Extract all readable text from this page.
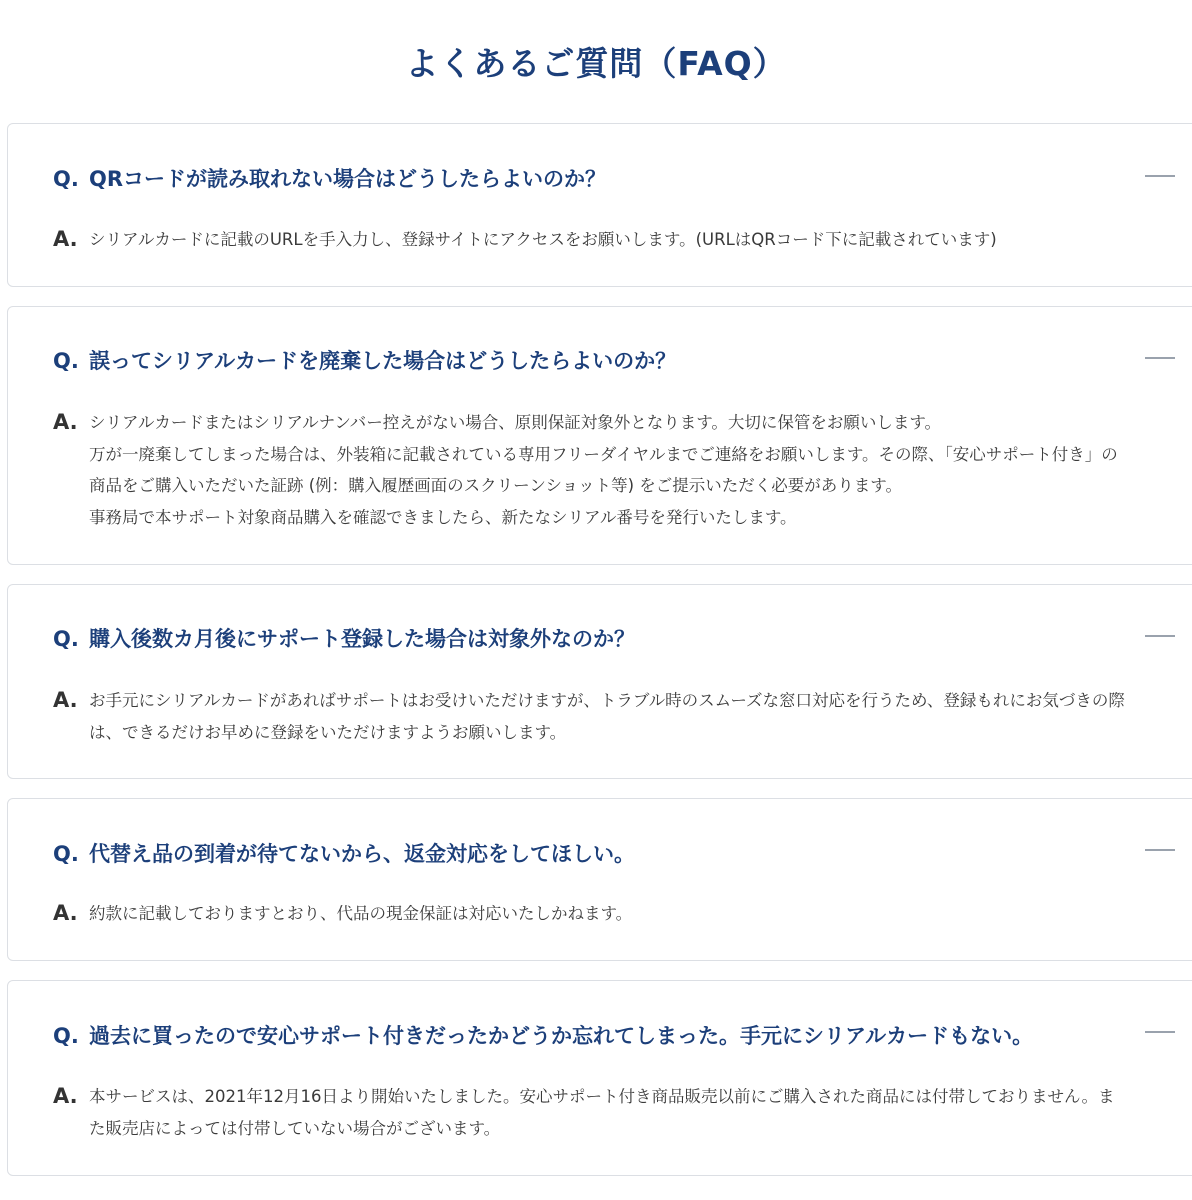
よくあるご質問（FAQ）
Q. QRコードが読み取れない場合はどうしたらよいのか？
A. シリアルカードに記載のURLを手入力し、登録サイトにアクセスをお願いします。(URLはQRコード下に記載されています)
Q. 誤ってシリアルカードを廃棄した場合はどうしたらよいのか？
A. シリアルカードまたはシリアルナンバー控えがない場合、原則保証対象外となります。大切に保管をお願いします。
万が一廃棄してしまった場合は、外装箱に記載されている専用フリーダイヤルまでご連絡をお願いします。その際、「安心サポート付き」の商品をご購入いただいた証跡 (例：購入履歴画面のスクリーンショット等) をご提示いただく必要があります。
事務局で本サポート対象商品購入を確認できましたら、新たなシリアル番号を発行いたします。
Q. 購入後数カ月後にサポート登録した場合は対象外なのか？
A. お手元にシリアルカードがあればサポートはお受けいただけますが、トラブル時のスムーズな窓口対応を行うため、登録もれにお気づきの際は、できるだけお早めに登録をいただけますようお願いします。
Q. 代替え品の到着が待てないから、返金対応をしてほしい。
A. 約款に記載しておりますとおり、代品の現金保証は対応いたしかねます。
Q. 過去に買ったので安心サポート付きだったかどうか忘れてしまった。手元にシリアルカードもない。
A. 本サービスは、2021年12月16日より開始いたしました。安心サポート付き商品販売以前にご購入された商品には付帯しておりません。また販売店によっては付帯していない場合がございます。
